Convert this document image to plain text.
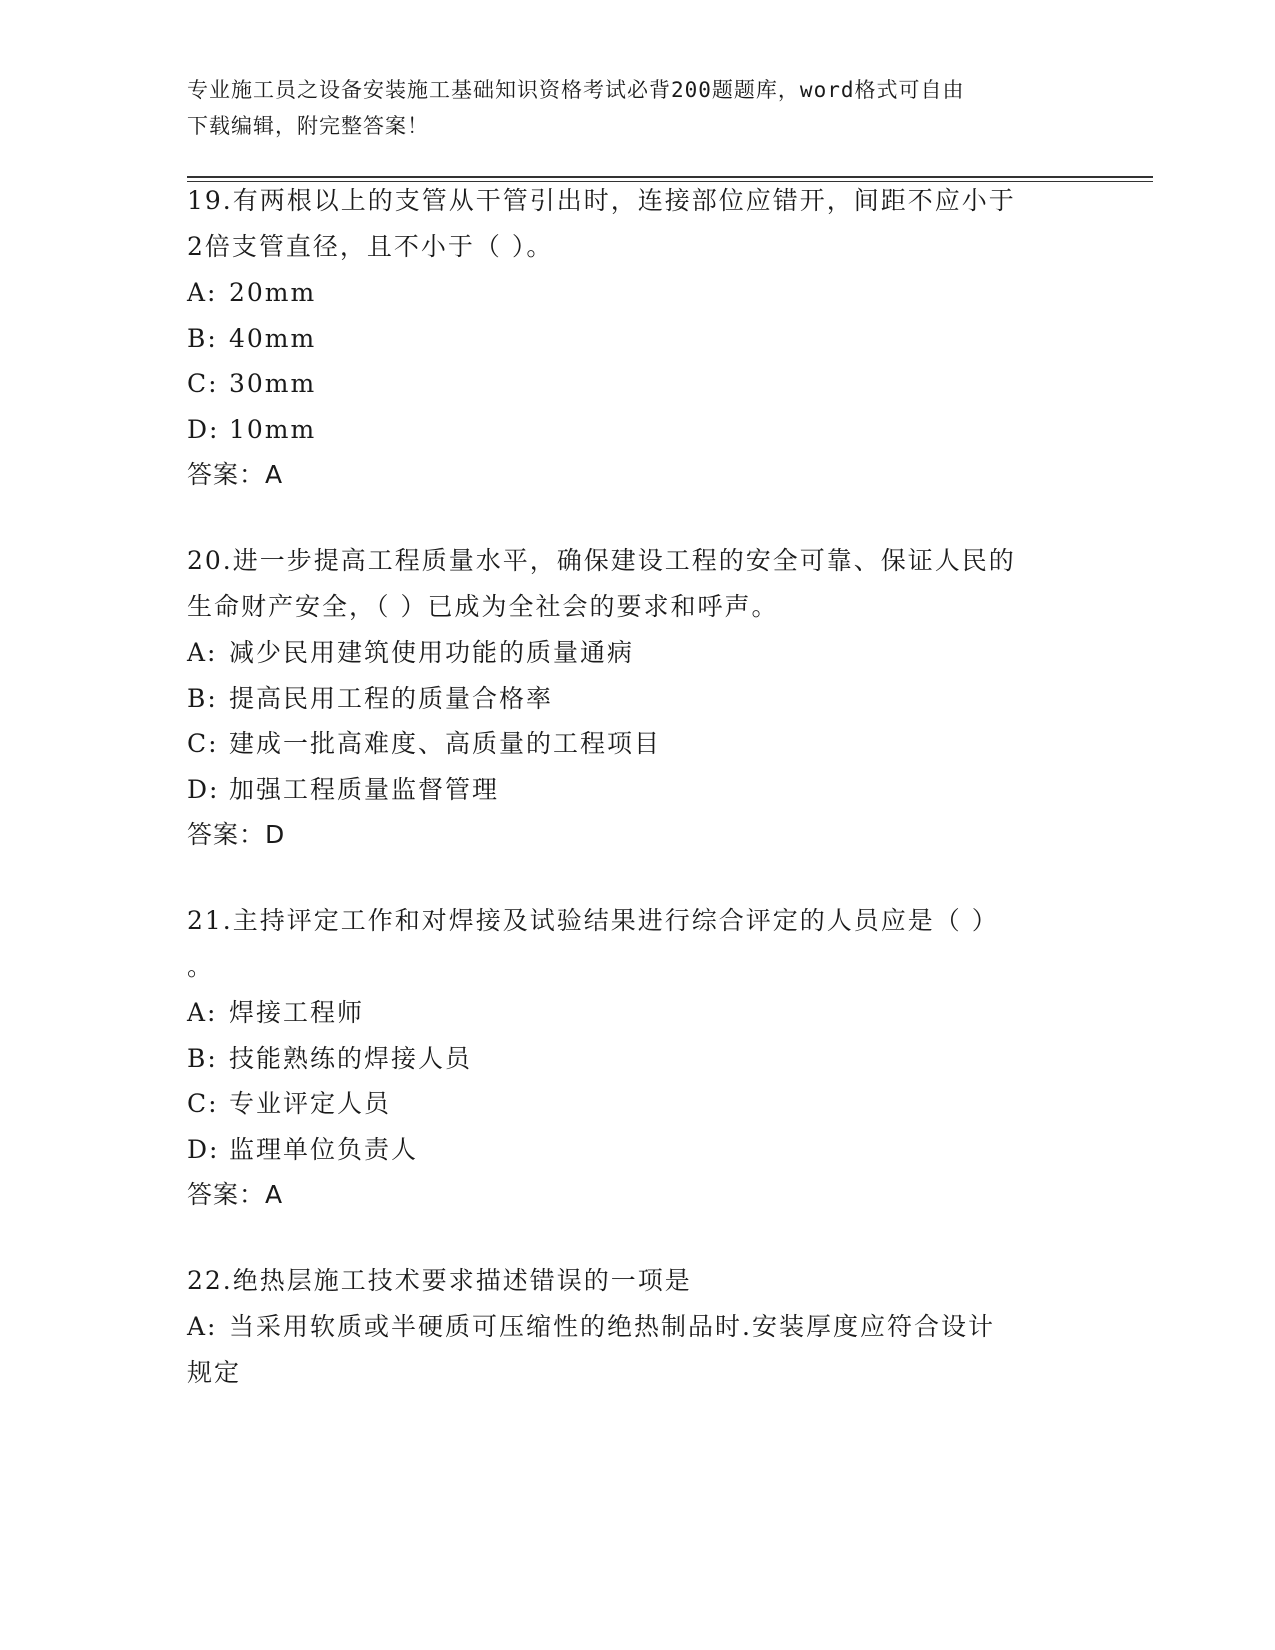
专业施工员之设备安装施工基础知识资格考试必背200题题库，word格式可自由
下载编辑，附完整答案！
19.有两根以上的支管从干管引出时，连接部位应错开，间距不应小于
2倍支管直径，且不小于（ ）。
A: 20mm
B: 40mm
C: 30mm
D: 10mm
答案：A
20.进一步提高工程质量水平，确保建设工程的安全可靠、保证人民的
生命财产安全，（ ）已成为全社会的要求和呼声。
A: 减少民用建筑使用功能的质量通病
B: 提高民用工程的质量合格率
C: 建成一批高难度、高质量的工程项目
D: 加强工程质量监督管理
答案：D
21.主持评定工作和对焊接及试验结果进行综合评定的人员应是（ ）
。
A: 焊接工程师
B: 技能熟练的焊接人员
C: 专业评定人员
D: 监理单位负责人
答案：A
22.绝热层施工技术要求描述错误的一项是
A: 当采用软质或半硬质可压缩性的绝热制品时.安装厚度应符合设计
规定
